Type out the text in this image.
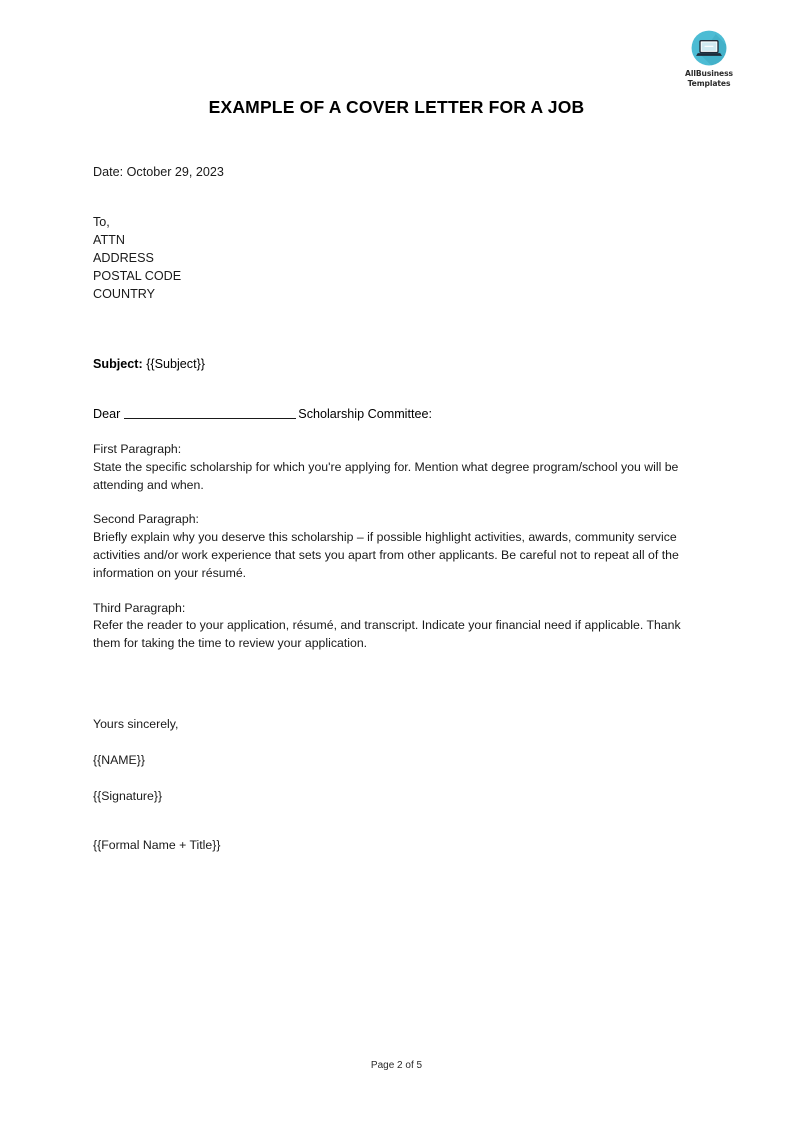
AllBusiness
Templates
EXAMPLE OF A COVER LETTER FOR A JOB
Date: October 29, 2023
To,
ATTN
ADDRESS
POSTAL CODE
COUNTRY
Subject: {{Subject}}
Dear	Scholarship Committee:
First Paragraph:
State the specific scholarship for which you're applying for. Mention what degree program/school you will be attending and when.
Second Paragraph:
Briefly explain why you deserve this scholarship – if possible highlight activities, awards, community service activities and/or work experience that sets you apart from other applicants. Be careful not to repeat all of the information on your résumé.
Third Paragraph:
Refer the reader to your application, résumé, and transcript. Indicate your financial need if applicable. Thank them for taking the time to review your application.
Yours sincerely,
{{NAME}}
{{Signature}}
{{Formal Name + Title}}
Page 2 of 5
